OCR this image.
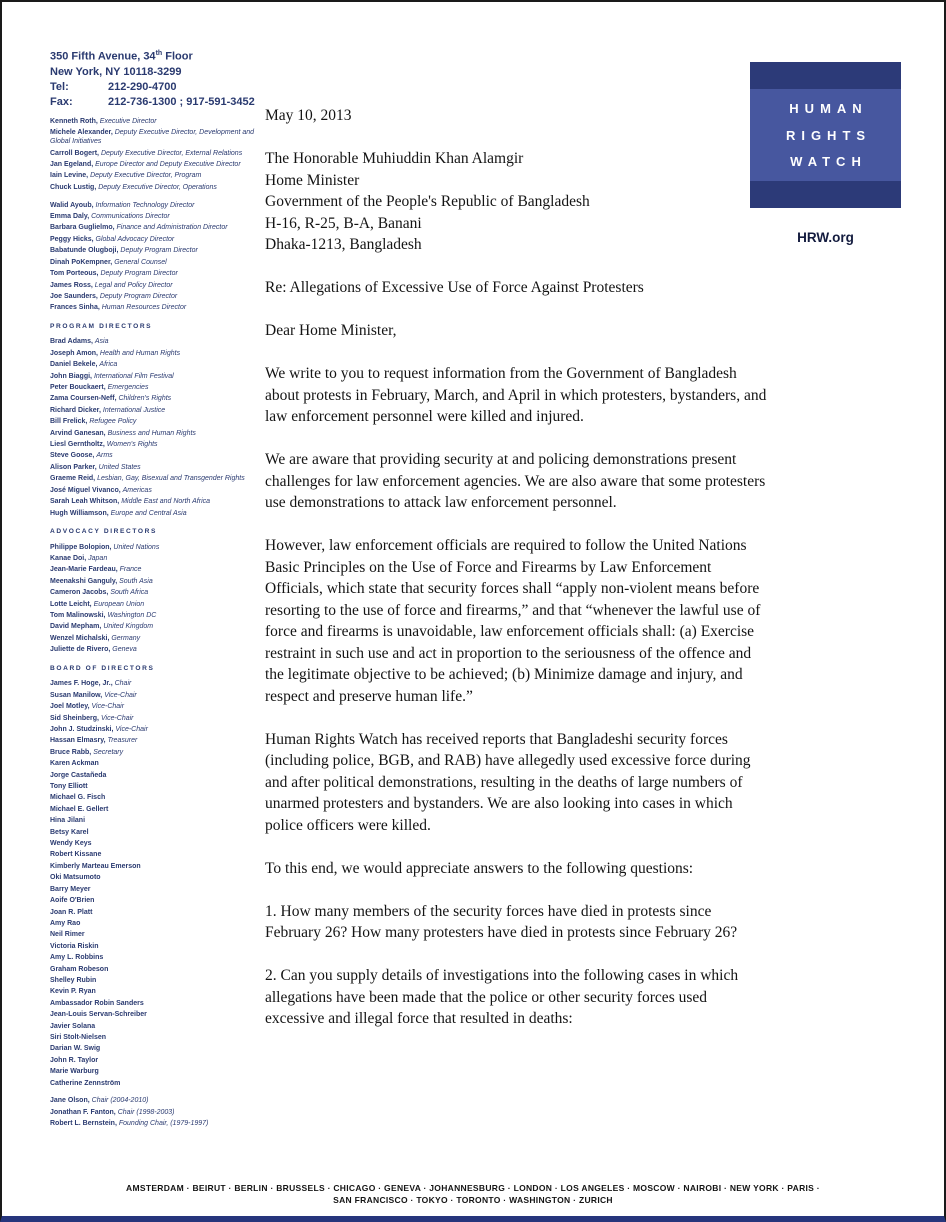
350 Fifth Avenue, 34th Floor
New York, NY 10118-3299
Tel:	212-290-4700
Fax:	212-736-1300 ; 917-591-3452
Kenneth Roth, Executive Director
Michele Alexander, Deputy Executive Director, Development and Global Initiatives
Carroll Bogert, Deputy Executive Director, External Relations
Jan Egeland, Europe Director and Deputy Executive Director
Iain Levine, Deputy Executive Director, Program
Chuck Lustig, Deputy Executive Director, Operations
Walid Ayoub, Information Technology Director
Emma Daly, Communications Director
Barbara Guglielmo, Finance and Administration Director
Peggy Hicks, Global Advocacy Director
Babatunde Olugboji, Deputy Program Director
Dinah PoKempner, General Counsel
Tom Porteous, Deputy Program Director
James Ross, Legal and Policy Director
Joe Saunders, Deputy Program Director
Frances Sinha, Human Resources Director
PROGRAM DIRECTORS
Brad Adams, Asia
Joseph Amon, Health and Human Rights
Daniel Bekele, Africa
John Biaggi, International Film Festival
Peter Bouckaert, Emergencies
Zama Coursen-Neff, Children's Rights
Richard Dicker, International Justice
Bill Frelick, Refugee Policy
Arvind Ganesan, Business and Human Rights
Liesl Gerntholtz, Women's Rights
Steve Goose, Arms
Alison Parker, United States
Graeme Reid, Lesbian, Gay, Bisexual and Transgender Rights
José Miguel Vivanco, Americas
Sarah Leah Whitson, Middle East and North Africa
Hugh Williamson, Europe and Central Asia
ADVOCACY DIRECTORS
Philippe Bolopion, United Nations
Kanae Doi, Japan
Jean-Marie Fardeau, France
Meenakshi Ganguly, South Asia
Cameron Jacobs, South Africa
Lotte Leicht, European Union
Tom Malinowski, Washington DC
David Mepham, United Kingdom
Wenzel Michalski, Germany
Juliette de Rivero, Geneva
BOARD OF DIRECTORS
James F. Hoge, Jr., Chair
Susan Manilow, Vice-Chair
Joel Motley, Vice-Chair
Sid Sheinberg, Vice-Chair
John J. Studzinski, Vice-Chair
Hassan Elmasry, Treasurer
Bruce Rabb, Secretary
Karen Ackman
Jorge Castañeda
Tony Elliott
Michael G. Fisch
Michael E. Gellert
Hina Jilani
Betsy Karel
Wendy Keys
Robert Kissane
Kimberly Marteau Emerson
Oki Matsumoto
Barry Meyer
Aoife O'Brien
Joan R. Platt
Amy Rao
Neil Rimer
Victoria Riskin
Amy L. Robbins
Graham Robeson
Shelley Rubin
Kevin P. Ryan
Ambassador Robin Sanders
Jean-Louis Servan-Schreiber
Javier Solana
Siri Stolt-Nielsen
Darian W. Swig
John R. Taylor
Marie Warburg
Catherine Zennström
Jane Olson, Chair (2004-2010)
Jonathan F. Fanton, Chair (1998-2003)
Robert L. Bernstein, Founding Chair, (1979-1997)

May 10, 2013

The Honorable Muhiuddin Khan Alamgir
Home Minister
Government of the People's Republic of Bangladesh
H-16, R-25, B-A, Banani
Dhaka-1213, Bangladesh

Re: Allegations of Excessive Use of Force Against Protesters

Dear Home Minister,

We write to you to request information from the Government of Bangladesh about protests in February, March, and April in which protesters, bystanders, and law enforcement personnel were killed and injured.

We are aware that providing security at and policing demonstrations present challenges for law enforcement agencies. We are also aware that some protesters use demonstrations to attack law enforcement personnel.

However, law enforcement officials are required to follow the United Nations Basic Principles on the Use of Force and Firearms by Law Enforcement Officials, which state that security forces shall “apply non-violent means before resorting to the use of force and firearms,” and that “whenever the lawful use of force and firearms is unavoidable, law enforcement officials shall: (a) Exercise restraint in such use and act in proportion to the seriousness of the offence and the legitimate objective to be achieved; (b) Minimize damage and injury, and respect and preserve human life.”

Human Rights Watch has received reports that Bangladeshi security forces (including police, BGB, and RAB) have allegedly used excessive force during and after political demonstrations, resulting in the deaths of large numbers of unarmed protesters and bystanders. We are also looking into cases in which police officers were killed.

To this end, we would appreciate answers to the following questions:

1. How many members of the security forces have died in protests since February 26? How many protesters have died in protests since February 26?

2. Can you supply details of investigations into the following cases in which allegations have been made that the police or other security forces used excessive and illegal force that resulted in deaths:

HUMAN
RIGHTS
WATCH
HRW.org
AMSTERDAM · BEIRUT · BERLIN · BRUSSELS · CHICAGO · GENEVA · JOHANNESBURG · LONDON · LOS ANGELES · MOSCOW · NAIROBI · NEW YORK · PARIS ·
SAN FRANCISCO · TOKYO · TORONTO · WASHINGTON · ZURICH
